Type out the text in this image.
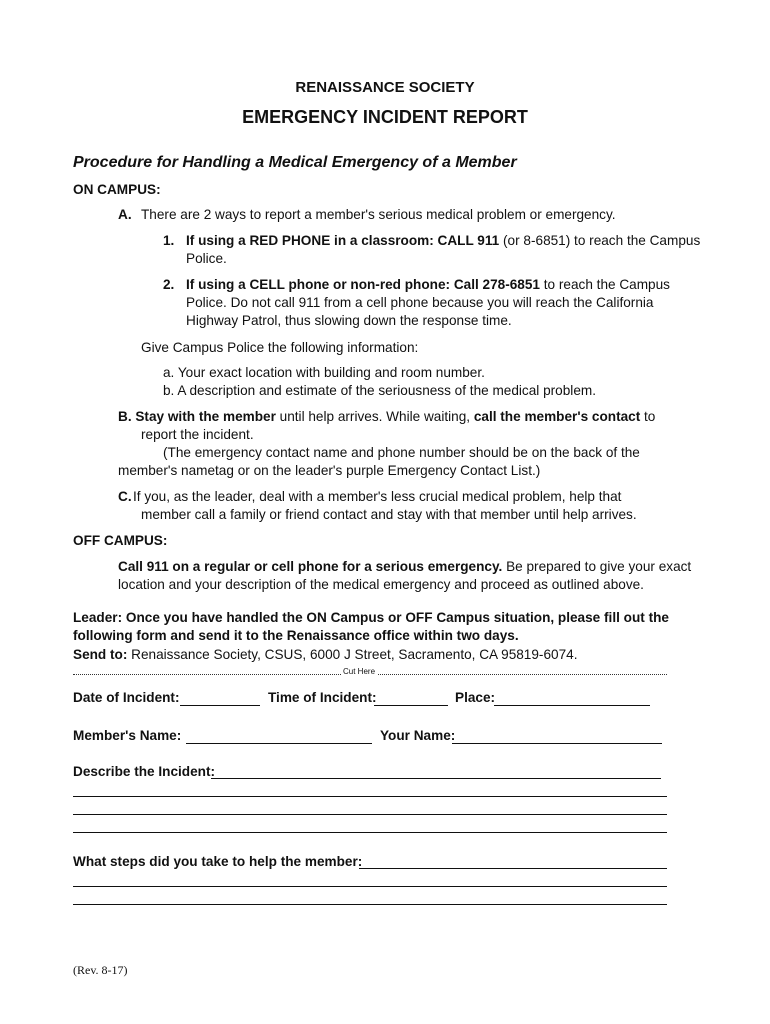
RENAISSANCE SOCIETY
EMERGENCY INCIDENT REPORT
Procedure for Handling a Medical Emergency of a Member
ON CAMPUS:
A. There are 2 ways to report a member's serious medical problem or emergency.
1. If using a RED PHONE in a classroom: CALL 911 (or 8-6851) to reach the Campus
Police.
2. If using a CELL phone or non-red phone: Call 278-6851 to reach the Campus
Police. Do not call 911 from a cell phone because you will reach the California
Highway Patrol, thus slowing down the response time.
Give Campus Police the following information:
a. Your exact location with building and room number.
b. A description and estimate of the seriousness of the medical problem.
B. Stay with the member until help arrives. While waiting, call the member's contact to
report the incident.
(The emergency contact name and phone number should be on the back of the
member's nametag or on the leader's purple Emergency Contact List.)
C. If you, as the leader, deal with a member's less crucial medical problem, help that
member call a family or friend contact and stay with that member until help arrives.
OFF CAMPUS:
Call 911 on a regular or cell phone for a serious emergency. Be prepared to give your exact
location and your description of the medical emergency and proceed as outlined above.
Leader: Once you have handled the ON Campus or OFF Campus situation, please fill out the
following form and send it to the Renaissance office within two days.
Send to: Renaissance Society, CSUS, 6000 J Street, Sacramento, CA 95819-6074.
Cut Here
Date of Incident:	Time of Incident:	Place:
Member's Name:	Your Name:
Describe the Incident:
What steps did you take to help the member:
(Rev. 8-17)
